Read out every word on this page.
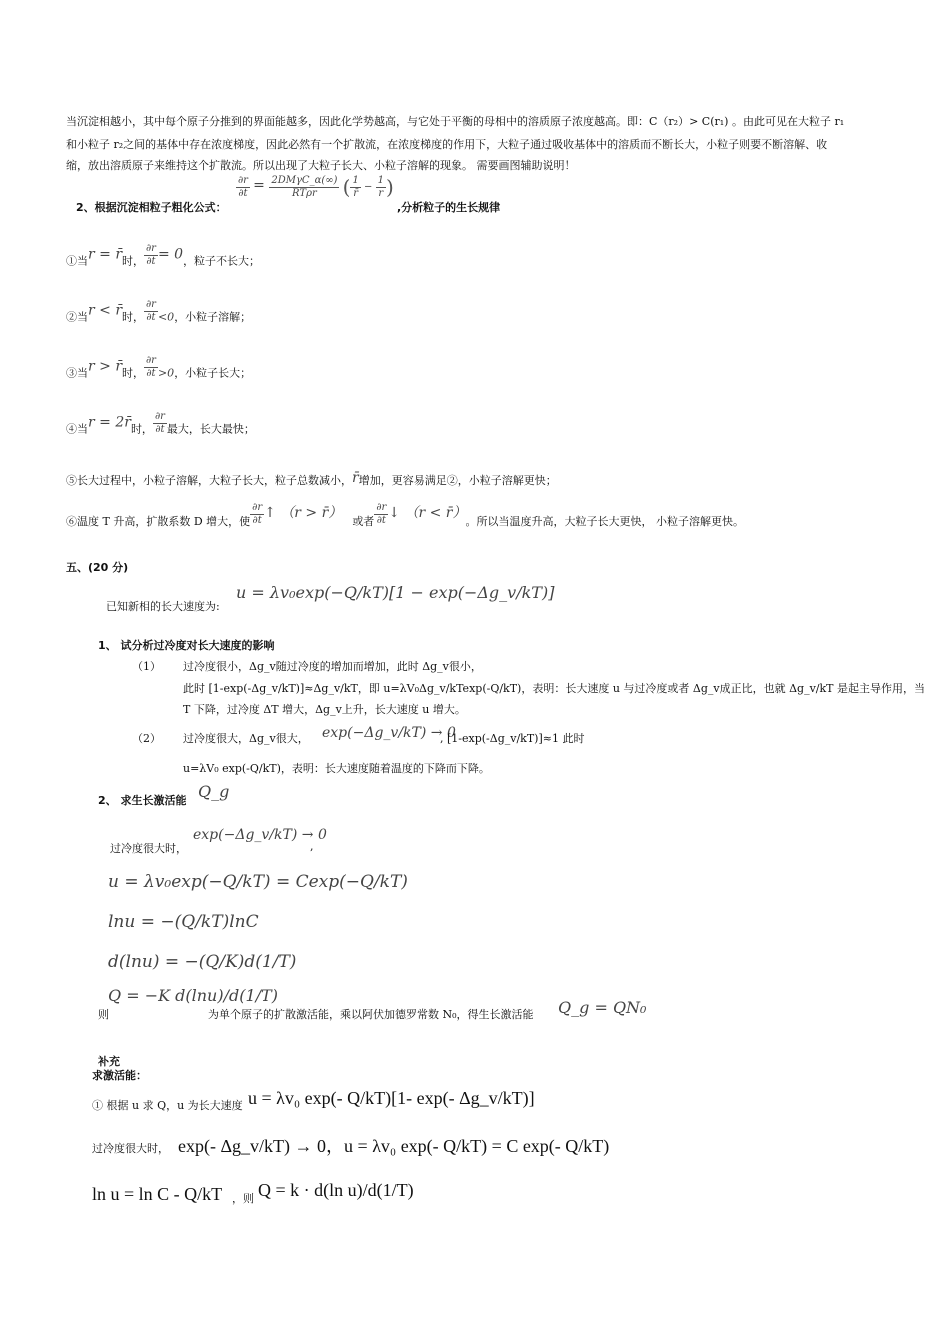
当沉淀相越小，其中每个原子分推到的界面能越多，因此化学势越高，与它处于平衡的母相中的溶质原子浓度越高。即：C（r₂）> C(r₁) 。由此可见在大粒子 r₁
和小粒子 r₂之间的基体中存在浓度梯度，因此必然有一个扩散流，在浓度梯度的作用下，大粒子通过吸收基体中的溶质而不断长大，小粒子则要不断溶解、收
缩，放出溶质原子来维持这个扩散流。所以出现了大粒子长大、小粒子溶解的现象。 需要画图辅助说明！
2、根据沉淀相粒子粗化公式：
$\frac{\partial r}{\partial t} = \frac{\text{2DMγC\_α(∞)}}{\text{RTρr}}$ ( $\frac{1}{r̄} - \frac{1}{r}$ )
,分析粒子的生长规律
①当r = r̄时， $\frac{\partial r}{\partial t} = 0$，粒子不长大；
②当r < r̄时， $\frac{\partial r}{\partial t} <0$，小粒子溶解；
③当r > r̄时， $\frac{\partial r}{\partial t} >0$，小粒子长大；
④当r = 2r̄时， $\frac{\partial r}{\partial t}$ 最大，长大最快；
⑤长大过程中，小粒子溶解，大粒子长大，粒子总数减小，r̄增加，更容易满足②，小粒子溶解更快；
⑥温度 T 升高，扩散系数 D 增大，使 $\frac{\partial r}{\partial t}$ ↑ （r > r̄）或者 $\frac{\partial r}{\partial t}$ ↓ （r < r̄）。所以当温度升高，大粒子长大更快， 小粒子溶解更快。
五、(20 分)
已知新相的长大速度为:
u = λv₀exp(−Q/kT)[1 − exp(−Δg_v/kT)]
1、 试分析过冷度对长大速度的影响
（1） 过冷度很小，Δg_v随过冷度的增加而增加，此时 Δg_v很小，
此时 [1-exp(-Δg_v/kT)]≈Δg_v/kT，即 u=λV₀Δg_v/kTexp(-Q/kT)，表明：长大速度 u 与过冷度或者 Δg_v成正比，也就 Δg_v/kT 是起主导作用，当
T 下降，过冷度 ΔT 增大，Δg_v上升，长大速度 u 增大。
（2） 过冷度很大，Δg_v很大， exp(−Δg_v/kT) → 0
, [1-exp(-Δg_v/kT)]≈1 此时
u=λV₀ exp(-Q/kT)，表明：长大速度随着温度的下降而下降。
2、 求生长激活能 Q_g
过冷度很大时，
exp(−Δg_v/kT) → 0
,
u = λv₀exp(−Q/kT) = Cexp(−Q/kT)
lnu = −(Q/kT)lnC
d(lnu) = −(Q/K)d(1/T)
Q = −K d(lnu)/d(1/T)
则	为单个原子的扩散激活能，乘以阿伏加德罗常数 N₀，得生长激活能 Q_g = QN₀
补充
求激活能：
① 根据 u 求 Q，u 为长大速度 u = λv₀ exp(- Q/kT)[1- exp(- Δg_v/kT)]
过冷度很大时， exp(- Δg_v/kT) → 0，u = λv₀ exp(- Q/kT) = C exp(- Q/kT)
ln u = ln C - Q/kT ，则 Q = k · d(ln u)/d(1/T)
